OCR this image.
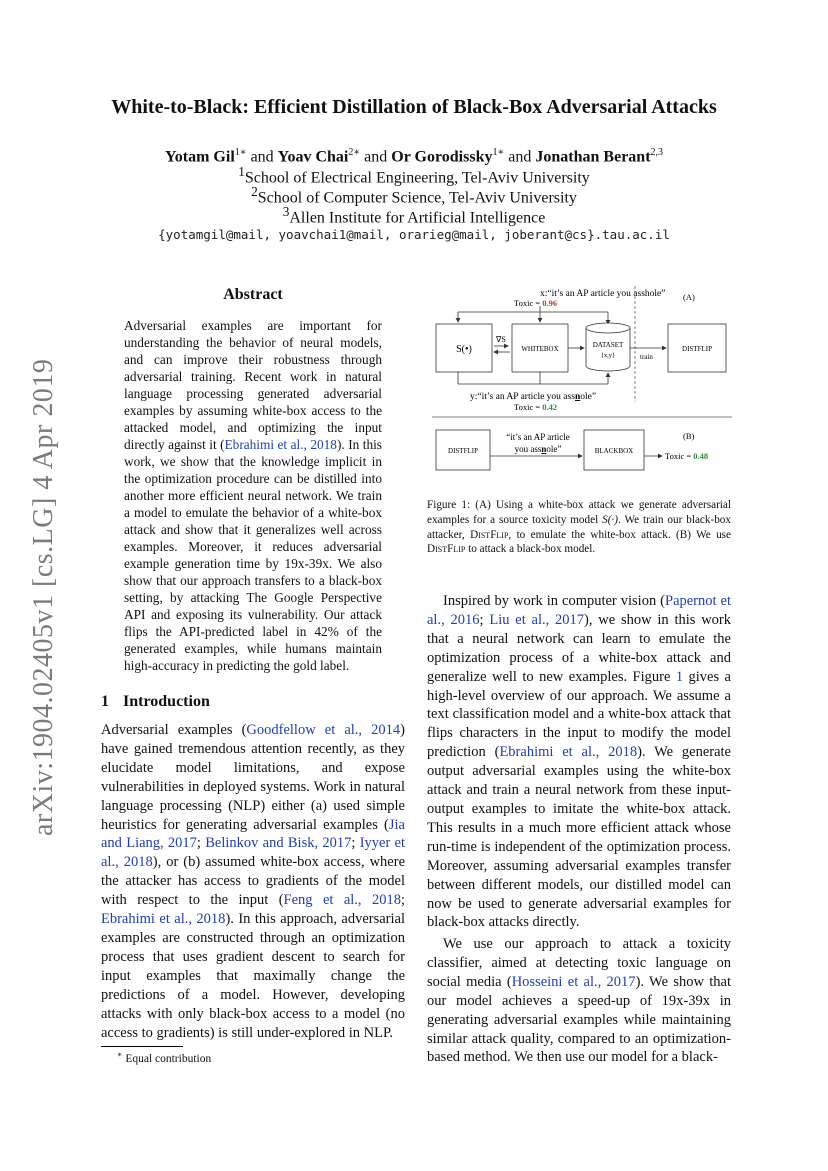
arXiv:1904.02405v1 [cs.LG] 4 Apr 2019
White-to-Black: Efficient Distillation of Black-Box Adversarial Attacks
Yotam Gil$^{1∗}$ and Yoav Chai$^{2∗}$ and Or Gorodissky$^{1∗}$ and Jonathan Berant$^{2,3}$
$^1$School of Electrical Engineering, Tel-Aviv University
$^2$School of Computer Science, Tel-Aviv University
$^3$Allen Institute for Artificial Intelligence
{yotamgil@mail, yoavchai1@mail, orarieg@mail, joberant@cs}.tau.ac.il
Abstract
Adversarial examples are important for understanding the behavior of neural models, and can improve their robustness through adversarial training. Recent work in natural language processing generated adversarial examples by assuming white-box access to the attacked model, and optimizing the input directly against it (Ebrahimi et al., 2018). In this work, we show that the knowledge implicit in the optimization procedure can be distilled into another more efficient neural network. We train a model to emulate the behavior of a white-box attack and show that it generalizes well across examples. Moreover, it reduces adversarial example generation time by 19x-39x. We also show that our approach transfers to a black-box setting, by attacking The Google Perspective API and exposing its vulnerability. Our attack flips the API-predicted label in 42% of the generated examples, while humans maintain high-accuracy in predicting the gold label.
1 Introduction
Adversarial examples (Goodfellow et al., 2014) have gained tremendous attention recently, as they elucidate model limitations, and expose vulnerabilities in deployed systems. Work in natural language processing (NLP) either (a) used simple heuristics for generating adversarial examples (Jia and Liang, 2017; Belinkov and Bisk, 2017; Iyyer et al., 2018), or (b) assumed white-box access, where the attacker has access to gradients of the model with respect to the input (Feng et al., 2018; Ebrahimi et al., 2018). In this approach, adversarial examples are constructed through an optimization process that uses gradient descent to search for input examples that maximally change the predictions of a model. However, developing attacks with only black-box access to a model (no access to gradients) is still under-explored in NLP.
∗ Equal contribution
x:“it’s an AP article you asshole”
Toxic = 0.96
(A)
S(•)
∇S
WHITEBOX	DATASET
{x,y}	train
DISTFLIP
y:“it’s an AP article you assnole”
Toxic = 0.42
(B)
DISTFLIP
“it’s an AP article
you assnole”	BLACKBOX	Toxic = 0.48
Figure 1: (A) Using a white-box attack we generate adversarial examples for a source toxicity model S(·). We train our black-box attacker, DistFlip, to emulate the white-box attack. (B) We use DistFlip to attack a black-box model.
Inspired by work in computer vision (Papernot et al., 2016; Liu et al., 2017), we show in this work that a neural network can learn to emulate the optimization process of a white-box attack and generalize well to new examples. Figure 1 gives a high-level overview of our approach. We assume a text classification model and a white-box attack that flips characters in the input to modify the model prediction (Ebrahimi et al., 2018). We generate output adversarial examples using the white-box attack and train a neural network from these input-output examples to imitate the white-box attack. This results in a much more efficient attack whose run-time is independent of the optimization process. Moreover, assuming adversarial examples transfer between different models, our distilled model can now be used to generate adversarial examples for black-box attacks directly.
We use our approach to attack a toxicity classifier, aimed at detecting toxic language on social media (Hosseini et al., 2017). We show that our model achieves a speed-up of 19x-39x in generating adversarial examples while maintaining similar attack quality, compared to an optimization-based method. We then use our model for a black-
